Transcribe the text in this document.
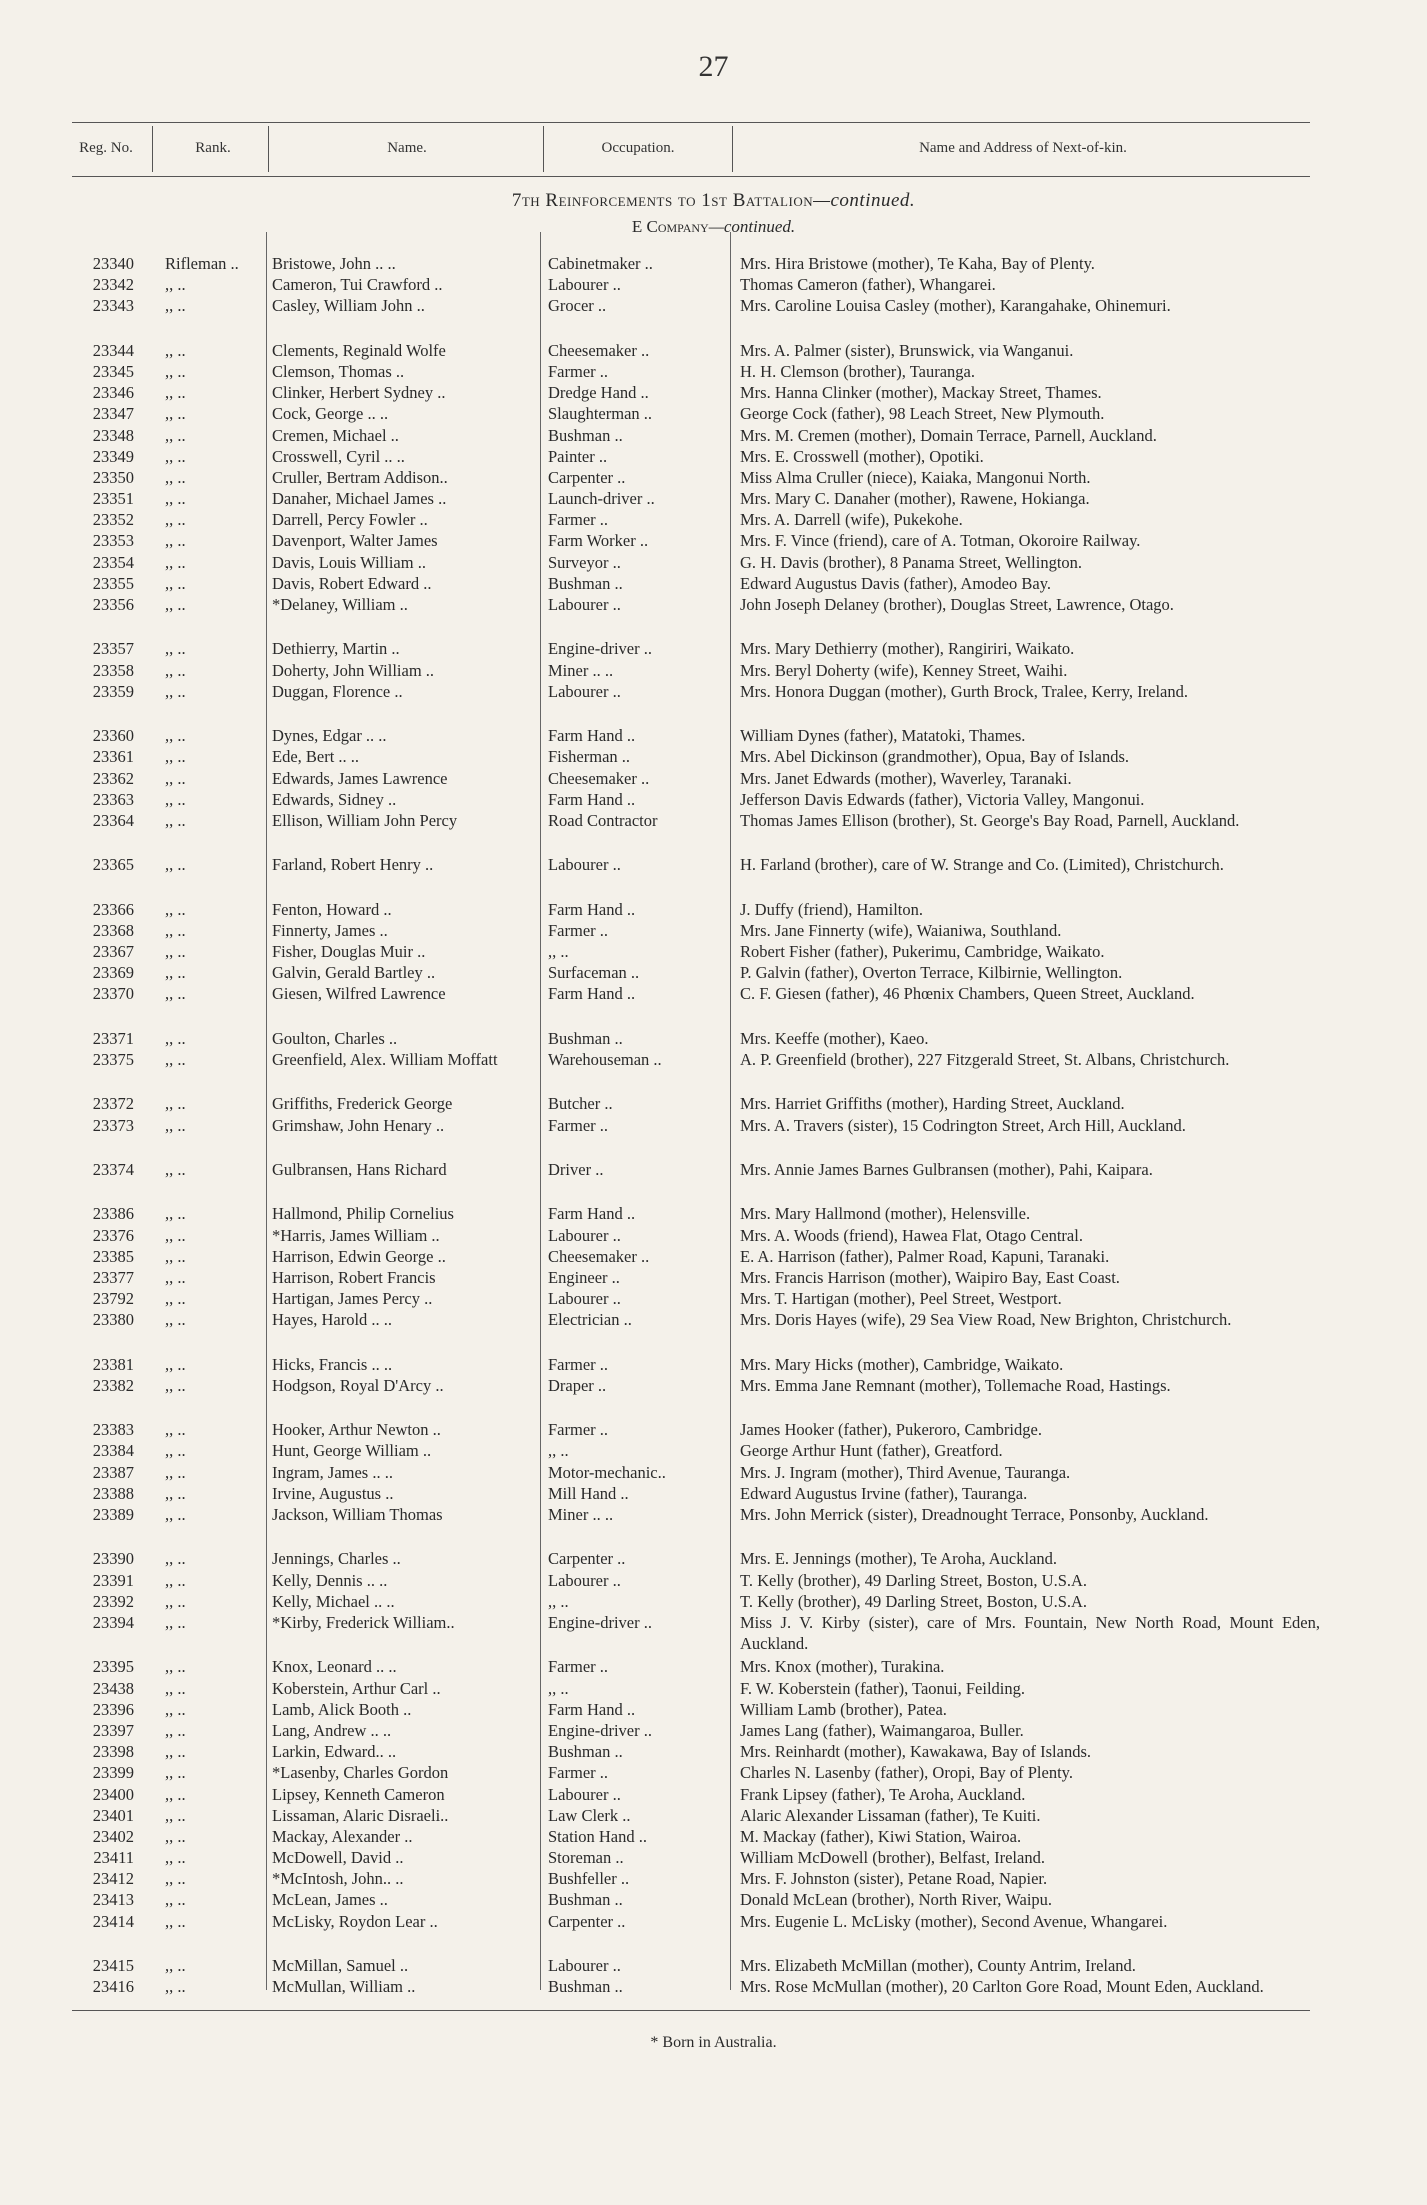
27
Reg. No.	Rank.	Name.	Occupation.	Name and Address of Next-of-kin.
7th Reinforcements to 1st Battalion—continued.
E Company—continued.
23340 Rifleman ..	Bristowe, John .. ..	Cabinetmaker ..	Mrs. Hira Bristowe (mother), Te Kaha, Bay of Plenty.
23342 ,, ..	Cameron, Tui Crawford ..	Labourer ..	Thomas Cameron (father), Whangarei.
23343 ,, ..	Casley, William John ..	Grocer ..	Mrs. Caroline Louisa Casley (mother), Karangahake, Ohinemuri.
23344 ,, ..	Clements, Reginald Wolfe	Cheesemaker ..	Mrs. A. Palmer (sister), Brunswick, via Wanganui.
23345 ,, ..	Clemson, Thomas ..	Farmer ..	H. H. Clemson (brother), Tauranga.
23346 ,, ..	Clinker, Herbert Sydney ..	Dredge Hand ..	Mrs. Hanna Clinker (mother), Mackay Street, Thames.
23347 ,, ..	Cock, George .. ..	Slaughterman ..	George Cock (father), 98 Leach Street, New Plymouth.
23348 ,, ..	Cremen, Michael ..	Bushman ..	Mrs. M. Cremen (mother), Domain Terrace, Parnell, Auckland.
23349 ,, ..	Crosswell, Cyril .. ..	Painter ..	Mrs. E. Crosswell (mother), Opotiki.
23350 ,, ..	Cruller, Bertram Addison..	Carpenter ..	Miss Alma Cruller (niece), Kaiaka, Mangonui North.
23351 ,, ..	Danaher, Michael James ..	Launch-driver ..	Mrs. Mary C. Danaher (mother), Rawene, Hokianga.
23352 ,, ..	Darrell, Percy Fowler ..	Farmer ..	Mrs. A. Darrell (wife), Pukekohe.
23353 ,, ..	Davenport, Walter James	Farm Worker ..	Mrs. F. Vince (friend), care of A. Totman, Okoroire Railway.
23354 ,, ..	Davis, Louis William ..	Surveyor ..	G. H. Davis (brother), 8 Panama Street, Wellington.
23355 ,, ..	Davis, Robert Edward ..	Bushman ..	Edward Augustus Davis (father), Amodeo Bay.
23356 ,, ..	*Delaney, William ..	Labourer ..	John Joseph Delaney (brother), Douglas Street, Lawrence, Otago.
23357 ,, ..	Dethierry, Martin ..	Engine-driver ..	Mrs. Mary Dethierry (mother), Rangiriri, Waikato.
23358 ,, ..	Doherty, John William ..	Miner .. ..	Mrs. Beryl Doherty (wife), Kenney Street, Waihi.
23359 ,, ..	Duggan, Florence ..	Labourer ..	Mrs. Honora Duggan (mother), Gurth Brock, Tralee, Kerry, Ireland.
23360 ,, ..	Dynes, Edgar .. ..	Farm Hand ..	William Dynes (father), Matatoki, Thames.
23361 ,, ..	Ede, Bert .. ..	Fisherman ..	Mrs. Abel Dickinson (grandmother), Opua, Bay of Islands.
23362 ,, ..	Edwards, James Lawrence	Cheesemaker ..	Mrs. Janet Edwards (mother), Waverley, Taranaki.
23363 ,, ..	Edwards, Sidney ..	Farm Hand ..	Jefferson Davis Edwards (father), Victoria Valley, Mangonui.
23364 ,, ..	Ellison, William John Percy	Road Contractor	Thomas James Ellison (brother), St. George's Bay Road, Parnell, Auckland.
23365 ,, ..	Farland, Robert Henry ..	Labourer ..	H. Farland (brother), care of W. Strange and Co. (Limited), Christchurch.
23366 ,, ..	Fenton, Howard ..	Farm Hand ..	J. Duffy (friend), Hamilton.
23368 ,, ..	Finnerty, James ..	Farmer ..	Mrs. Jane Finnerty (wife), Waianiwa, Southland.
23367 ,, ..	Fisher, Douglas Muir ..	,, ..	Robert Fisher (father), Pukerimu, Cambridge, Waikato.
23369 ,, ..	Galvin, Gerald Bartley ..	Surfaceman ..	P. Galvin (father), Overton Terrace, Kilbirnie, Wellington.
23370 ,, ..	Giesen, Wilfred Lawrence	Farm Hand ..	C. F. Giesen (father), 46 Phœnix Chambers, Queen Street, Auckland.
23371 ,, ..	Goulton, Charles ..	Bushman ..	Mrs. Keeffe (mother), Kaeo.
23375 ,, ..	Greenfield, Alex. William Moffatt	Warehouseman ..	A. P. Greenfield (brother), 227 Fitzgerald Street, St. Albans, Christchurch.
23372 ,, ..	Griffiths, Frederick George	Butcher ..	Mrs. Harriet Griffiths (mother), Harding Street, Auckland.
23373 ,, ..	Grimshaw, John Henary ..	Farmer ..	Mrs. A. Travers (sister), 15 Codrington Street, Arch Hill, Auckland.
23374 ,, ..	Gulbransen, Hans Richard	Driver ..	Mrs. Annie James Barnes Gulbransen (mother), Pahi, Kaipara.
23386 ,, ..	Hallmond, Philip Cornelius	Farm Hand ..	Mrs. Mary Hallmond (mother), Helensville.
23376 ,, ..	*Harris, James William ..	Labourer ..	Mrs. A. Woods (friend), Hawea Flat, Otago Central.
23385 ,, ..	Harrison, Edwin George ..	Cheesemaker ..	E. A. Harrison (father), Palmer Road, Kapuni, Taranaki.
23377 ,, ..	Harrison, Robert Francis	Engineer ..	Mrs. Francis Harrison (mother), Waipiro Bay, East Coast.
23792 ,, ..	Hartigan, James Percy ..	Labourer ..	Mrs. T. Hartigan (mother), Peel Street, Westport.
23380 ,, ..	Hayes, Harold .. ..	Electrician ..	Mrs. Doris Hayes (wife), 29 Sea View Road, New Brighton, Christchurch.
23381 ,, ..	Hicks, Francis .. ..	Farmer ..	Mrs. Mary Hicks (mother), Cambridge, Waikato.
23382 ,, ..	Hodgson, Royal D'Arcy ..	Draper ..	Mrs. Emma Jane Remnant (mother), Tollemache Road, Hastings.
23383 ,, ..	Hooker, Arthur Newton ..	Farmer ..	James Hooker (father), Pukeroro, Cambridge.
23384 ,, ..	Hunt, George William ..	,, ..	George Arthur Hunt (father), Greatford.
23387 ,, ..	Ingram, James .. ..	Motor-mechanic..	Mrs. J. Ingram (mother), Third Avenue, Tauranga.
23388 ,, ..	Irvine, Augustus ..	Mill Hand ..	Edward Augustus Irvine (father), Tauranga.
23389 ,, ..	Jackson, William Thomas	Miner .. ..	Mrs. John Merrick (sister), Dreadnought Terrace, Ponsonby, Auckland.
23390 ,, ..	Jennings, Charles ..	Carpenter ..	Mrs. E. Jennings (mother), Te Aroha, Auckland.
23391 ,, ..	Kelly, Dennis .. ..	Labourer ..	T. Kelly (brother), 49 Darling Street, Boston, U.S.A.
23392 ,, ..	Kelly, Michael .. ..	,, ..	T. Kelly (brother), 49 Darling Street, Boston, U.S.A.
23394 ,, ..	*Kirby, Frederick William..	Engine-driver ..	Miss J. V. Kirby (sister), care of Mrs. Fountain, New North Road, Mount Eden, Auckland.
23395 ,, ..	Knox, Leonard .. ..	Farmer ..	Mrs. Knox (mother), Turakina.
23438 ,, ..	Koberstein, Arthur Carl ..	,, ..	F. W. Koberstein (father), Taonui, Feilding.
23396 ,, ..	Lamb, Alick Booth ..	Farm Hand ..	William Lamb (brother), Patea.
23397 ,, ..	Lang, Andrew .. ..	Engine-driver ..	James Lang (father), Waimangaroa, Buller.
23398 ,, ..	Larkin, Edward.. ..	Bushman ..	Mrs. Reinhardt (mother), Kawakawa, Bay of Islands.
23399 ,, ..	*Lasenby, Charles Gordon	Farmer ..	Charles N. Lasenby (father), Oropi, Bay of Plenty.
23400 ,, ..	Lipsey, Kenneth Cameron	Labourer ..	Frank Lipsey (father), Te Aroha, Auckland.
23401 ,, ..	Lissaman, Alaric Disraeli..	Law Clerk ..	Alaric Alexander Lissaman (father), Te Kuiti.
23402 ,, ..	Mackay, Alexander ..	Station Hand ..	M. Mackay (father), Kiwi Station, Wairoa.
23411 ,, ..	McDowell, David ..	Storeman ..	William McDowell (brother), Belfast, Ireland.
23412 ,, ..	*McIntosh, John.. ..	Bushfeller ..	Mrs. F. Johnston (sister), Petane Road, Napier.
23413 ,, ..	McLean, James ..	Bushman ..	Donald McLean (brother), North River, Waipu.
23414 ,, ..	McLisky, Roydon Lear ..	Carpenter ..	Mrs. Eugenie L. McLisky (mother), Second Avenue, Whangarei.
23415 ,, ..	McMillan, Samuel ..	Labourer ..	Mrs. Elizabeth McMillan (mother), County Antrim, Ireland.
23416 ,, ..	McMullan, William ..	Bushman ..	Mrs. Rose McMullan (mother), 20 Carlton Gore Road, Mount Eden, Auckland.
* Born in Australia.
